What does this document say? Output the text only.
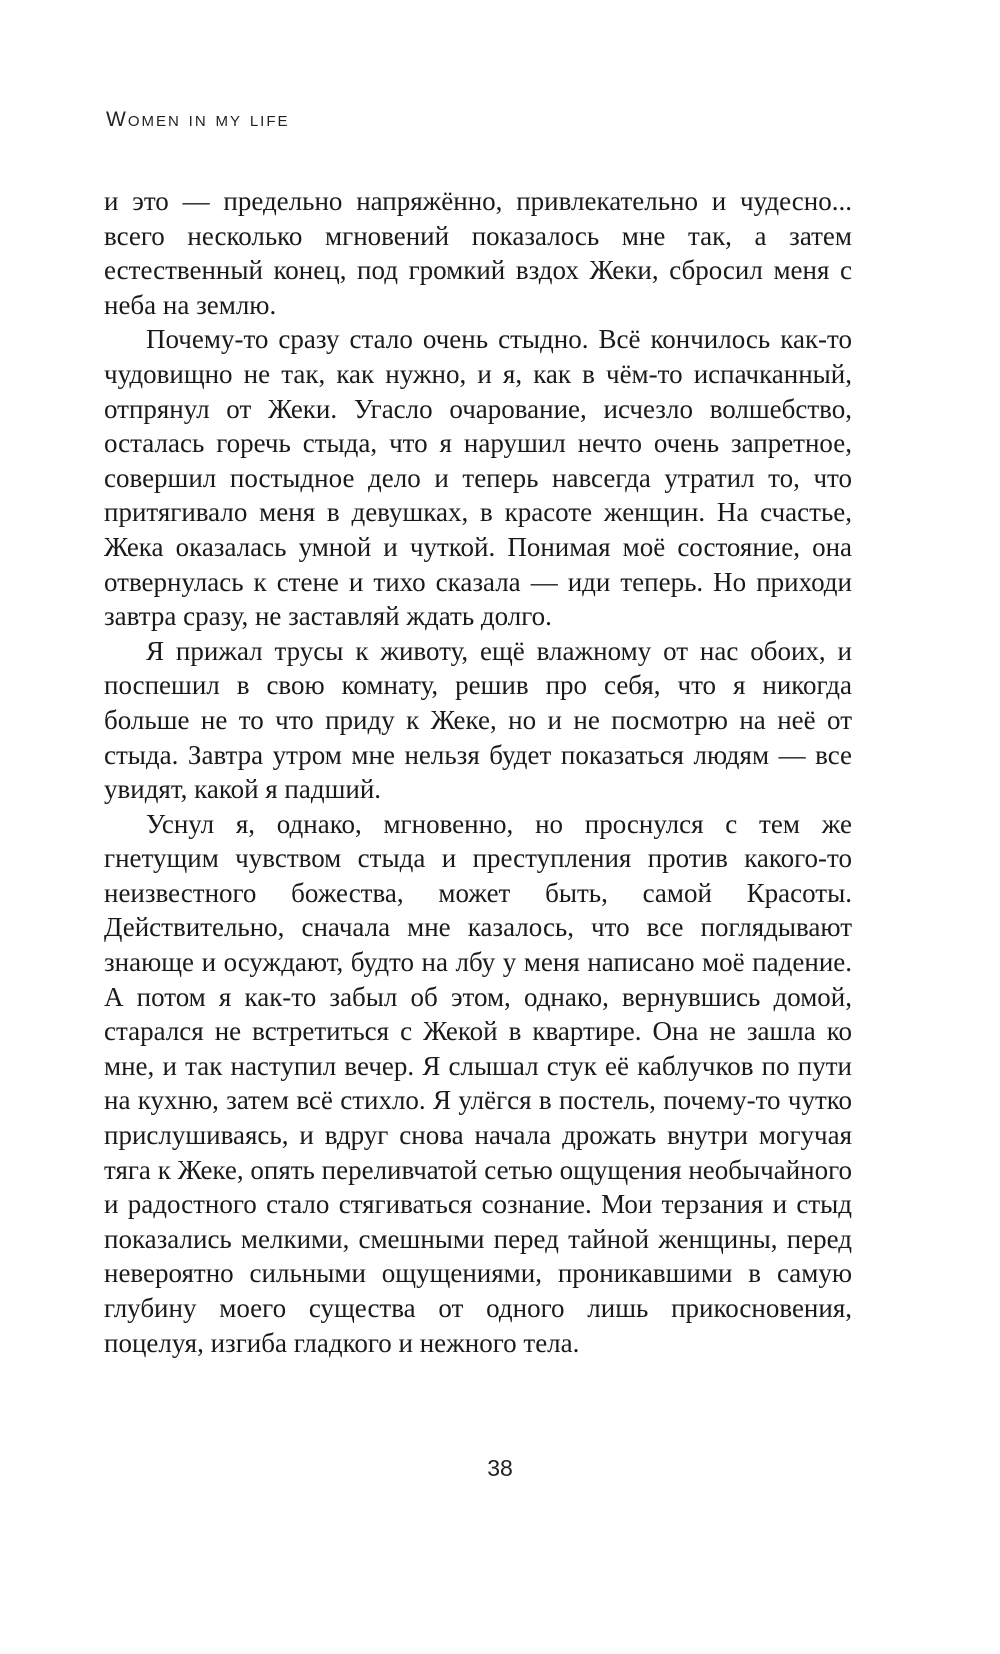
Women in my life

и это — предельно напряжённо, привлекательно и чудесно... всего несколько мгновений показалось мне так, а затем естественный конец, под громкий вздох Жеки, сбросил меня с неба на землю.

Почему-то сразу стало очень стыдно. Всё кончилось как-то чудовищно не так, как нужно, и я, как в чём-то испачканный, отпрянул от Жеки. Угасло очарование, исчезло волшебство, осталась горечь стыда, что я нарушил нечто очень запретное, совершил постыдное дело и теперь навсегда утратил то, что притягивало меня в девушках, в красоте женщин. На счастье, Жека оказалась умной и чуткой. Понимая моё состояние, она отвернулась к стене и тихо сказала — иди теперь. Но приходи завтра сразу, не заставляй ждать долго.

Я прижал трусы к животу, ещё влажному от нас обоих, и поспешил в свою комнату, решив про себя, что я никогда больше не то что приду к Жеке, но и не посмотрю на неё от стыда. Завтра утром мне нельзя будет показаться людям — все увидят, какой я падший.

Уснул я, однако, мгновенно, но проснулся с тем же гнетущим чувством стыда и преступления против какого-то неизвестного божества, может быть, самой Красоты. Действительно, сначала мне казалось, что все поглядывают знающе и осуждают, будто на лбу у меня написано моё падение. А потом я как-то забыл об этом, однако, вернувшись домой, старался не встретиться с Жекой в квартире. Она не зашла ко мне, и так наступил вечер. Я слышал стук её каблучков по пути на кухню, затем всё стихло. Я улёгся в постель, почему-то чутко прислушиваясь, и вдруг снова начала дрожать внутри могучая тяга к Жеке, опять переливчатой сетью ощущения необычайного и радостного стало стягиваться сознание. Мои терзания и стыд показались мелкими, смешными перед тайной женщины, перед невероятно сильными ощущениями, проникавшими в самую глубину моего существа от одного лишь прикосновения, поцелуя, изгиба гладкого и нежного тела.

38
